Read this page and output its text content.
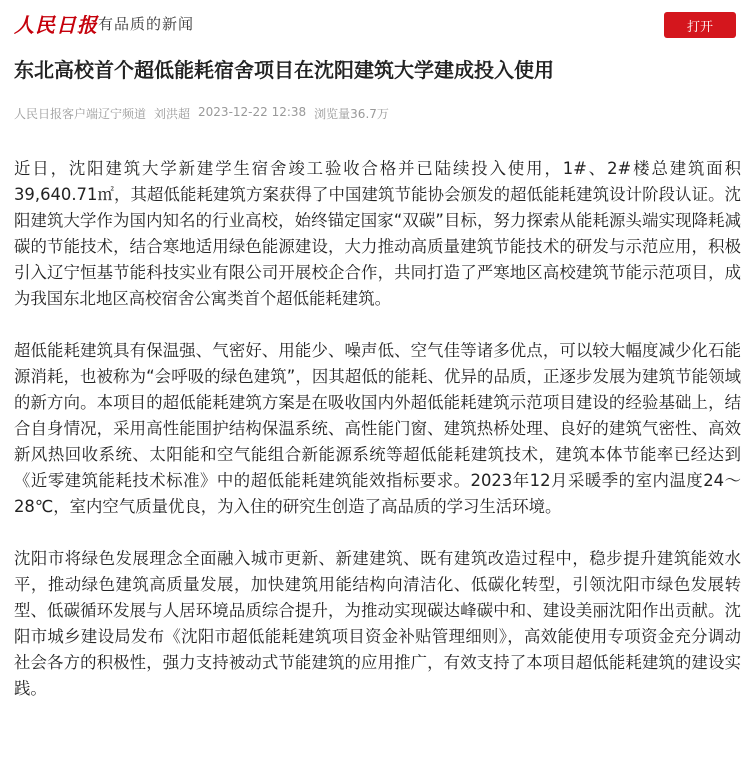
人民日报 有品质的新闻	打开
东北高校首个超低能耗宿舍项目在沈阳建筑大学建成投入使用
人民日报客户端辽宁频道 刘洪超 2023-12-22 12:38 浏览量36.7万

近日，沈阳建筑大学新建学生宿舍竣工验收合格并已陆续投入使用，1#、2#楼总建筑面积39,640.71㎡，其超低能耗建筑方案获得了中国建筑节能协会颁发的超低能耗建筑设计阶段认证。沈阳建筑大学作为国内知名的行业高校，始终锚定国家“双碳”目标，努力探索从能耗源头端实现降耗减碳的节能技术，结合寒地适用绿色能源建设，大力推动高质量建筑节能技术的研发与示范应用，积极引入辽宁恒基节能科技实业有限公司开展校企合作，共同打造了严寒地区高校建筑节能示范项目，成为我国东北地区高校宿舍公寓类首个超低能耗建筑。

超低能耗建筑具有保温强、气密好、用能少、噪声低、空气佳等诸多优点，可以较大幅度减少化石能源消耗，也被称为“会呼吸的绿色建筑”，因其超低的能耗、优异的品质，正逐步发展为建筑节能领域的新方向。本项目的超低能耗建筑方案是在吸收国内外超低能耗建筑示范项目建设的经验基础上，结合自身情况，采用高性能围护结构保温系统、高性能门窗、建筑热桥处理、良好的建筑气密性、高效新风热回收系统、太阳能和空气能组合新能源系统等超低能耗建筑技术，建筑本体节能率已经达到《近零建筑能耗技术标准》中的超低能耗建筑能效指标要求。2023年12月采暖季的室内温度24～28℃，室内空气质量优良，为入住的研究生创造了高品质的学习生活环境。

沈阳市将绿色发展理念全面融入城市更新、新建建筑、既有建筑改造过程中，稳步提升建筑能效水平，推动绿色建筑高质量发展，加快建筑用能结构向清洁化、低碳化转型，引领沈阳市绿色发展转型、低碳循环发展与人居环境品质综合提升，为推动实现碳达峰碳中和、建设美丽沈阳作出贡献。沈阳市城乡建设局发布《沈阳市超低能耗建筑项目资金补贴管理细则》，高效能使用专项资金充分调动社会各方的积极性，强力支持被动式节能建筑的应用推广，有效支持了本项目超低能耗建筑的建设实践。
